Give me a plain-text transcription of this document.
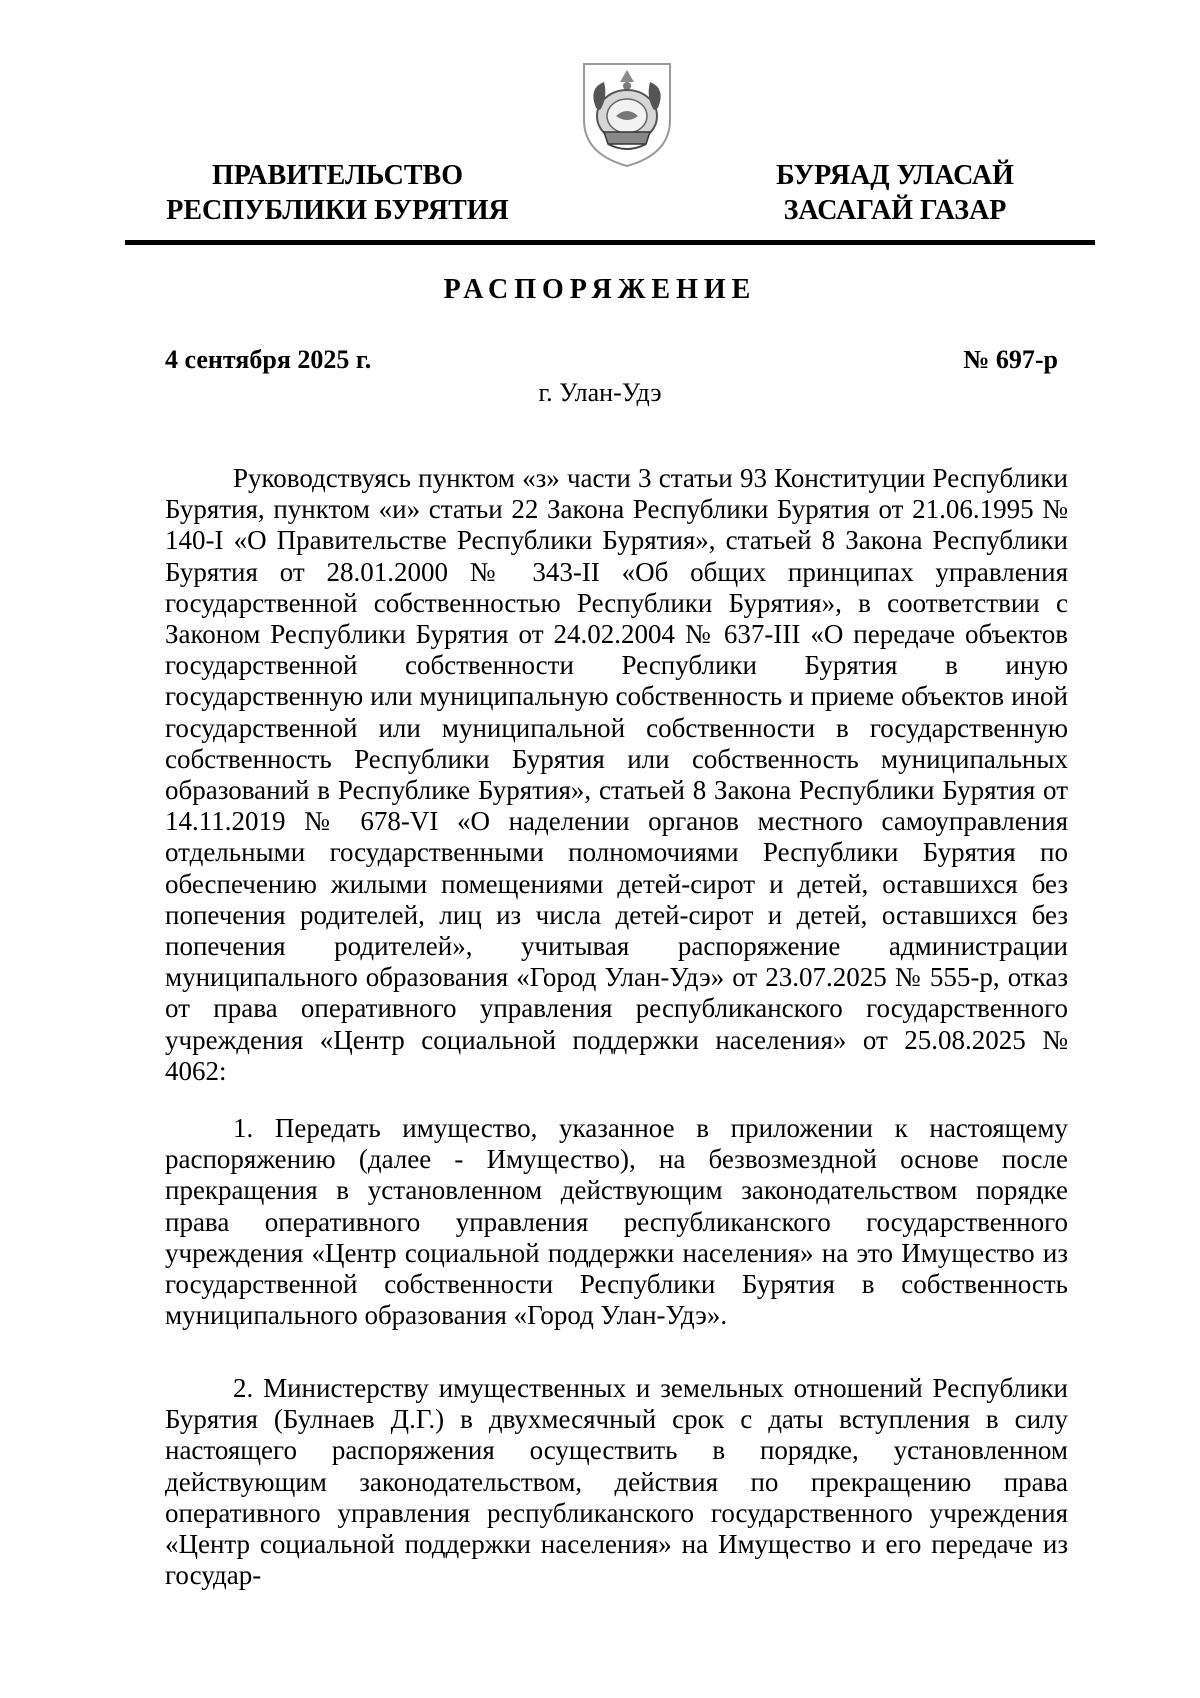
ПРАВИТЕЛЬСТВО
РЕСПУБЛИКИ БУРЯТИЯ
БУРЯАД УЛАСАЙ
ЗАСАГАЙ ГАЗАР
РАСПОРЯЖЕНИЕ
4 сентября 2025 г.	№ 697-р
г. Улан-Удэ

Руководствуясь пунктом «з» части 3 статьи 93 Конституции Республики Бурятия, пунктом «и» статьи 22 Закона Республики Бурятия от 21.06.1995 № 140-I «О Правительстве Республики Бурятия», статьей 8 Закона Республики Бурятия от 28.01.2000 № 343-II «Об общих принципах управления государственной собственностью Республики Бурятия», в соответствии с Законом Республики Бурятия от 24.02.2004 № 637-III «О передаче объектов государственной собственности Республики Бурятия в иную государственную или муниципальную собственность и приеме объектов иной государственной или муниципальной собственности в государственную собственность Республики Бурятия или собственность муниципальных образований в Республике Бурятия», статьей 8 Закона Республики Бурятия от 14.11.2019 № 678-VI «О наделении органов местного самоуправления отдельными государственными полномочиями Республики Бурятия по обеспечению жилыми помещениями детей-сирот и детей, оставшихся без попечения родителей, лиц из числа детей-сирот и детей, оставшихся без попечения родителей», учитывая распоряжение администрации муниципального образования «Город Улан-Удэ» от 23.07.2025 № 555-р, отказ от права оперативного управления республиканского государственного учреждения «Центр социальной поддержки населения» от 25.08.2025 № 4062:

1. Передать имущество, указанное в приложении к настоящему распоряжению (далее - Имущество), на безвозмездной основе после прекращения в установленном действующим законодательством порядке права оперативного управления республиканского государственного учреждения «Центр социальной поддержки населения» на это Имущество из государственной собственности Республики Бурятия в собственность муниципального образования «Город Улан-Удэ».

2. Министерству имущественных и земельных отношений Республики Бурятия (Булнаев Д.Г.) в двухмесячный срок с даты вступления в силу настоящего распоряжения осуществить в порядке, установленном действующим законодательством, действия по прекращению права оперативного управления республиканского государственного учреждения «Центр социальной поддержки населения» на Имущество и его передаче из государ-
